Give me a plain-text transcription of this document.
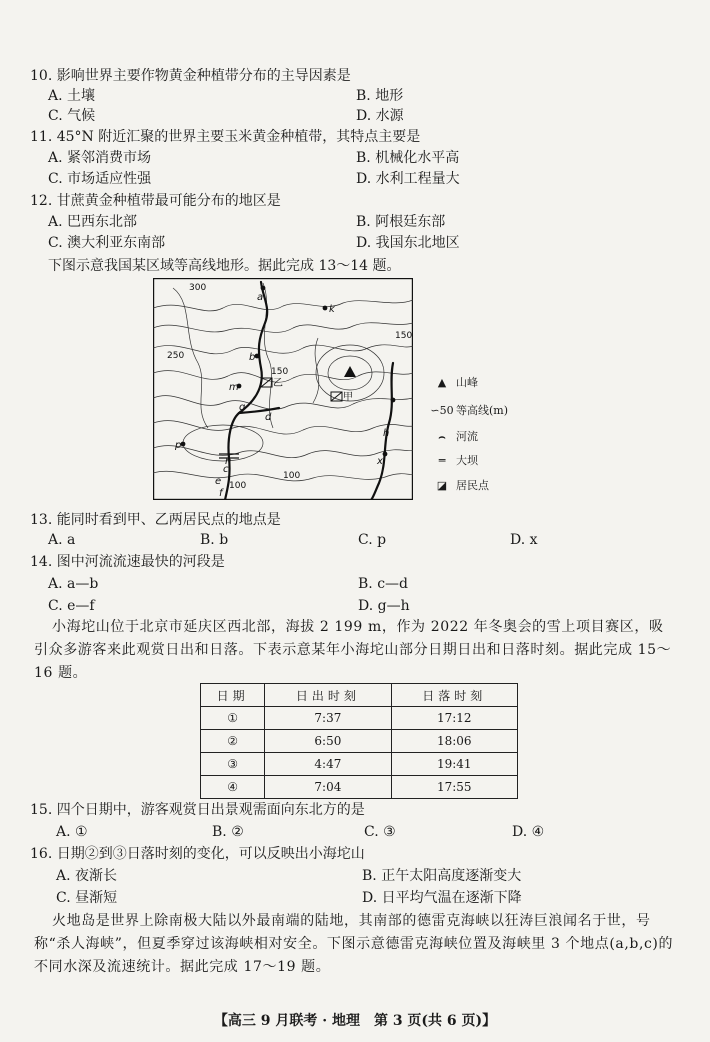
10. 影响世界主要作物黄金种植带分布的主导因素是
A. 土壤	B. 地形
C. 气候	D. 水源
11. 45°N 附近汇聚的世界主要玉米黄金种植带，其特点主要是
A. 紧邻消费市场	B. 机械化水平高
C. 市场适应性强	D. 水利工程量大
12. 甘蔗黄金种植带最可能分布的地区是
A. 巴西东北部	B. 阿根廷东部
C. 澳大利亚东南部	D. 我国东北地区
下图示意我国某区域等高线地形。据此完成 13～14 题。
300
250
150
150
100
100
a
b
c
d
e
f
g
h
k
m
n
p
x
甲
乙	▲ 山峰
∽50 等高线(m)
⌢ 河流
═ 大坝
◪ 居民点
13. 能同时看到甲、乙两居民点的地点是
A. a	B. b	C. p	D. x
14. 图中河流流速最快的河段是
A. a—b	B. c—d
C. e—f	D. g—h
小海坨山位于北京市延庆区西北部，海拔 2 199 m，作为 2022 年冬奥会的雪上项目赛区，吸引众多游客来此观赏日出和日落。下表示意某年小海坨山部分日期日出和日落时刻。据此完成 15～16 题。
日期	日出时刻	日落时刻
①	7:37	17:12
②	6:50	18:06
③	4:47	19:41
④	7:04	17:55
15. 四个日期中，游客观赏日出景观需面向东北方的是
A. ①	B. ②	C. ③	D. ④
16. 日期②到③日落时刻的变化，可以反映出小海坨山
A. 夜渐长	B. 正午太阳高度逐渐变大
C. 昼渐短	D. 日平均气温在逐渐下降
火地岛是世界上除南极大陆以外最南端的陆地，其南部的德雷克海峡以狂涛巨浪闻名于世，号称“杀人海峡”，但夏季穿过该海峡相对安全。下图示意德雷克海峡位置及海峡里 3 个地点(a,b,c)的不同水深及流速统计。据此完成 17～19 题。
【高三 9 月联考 · 地理　第 3 页(共 6 页)】
